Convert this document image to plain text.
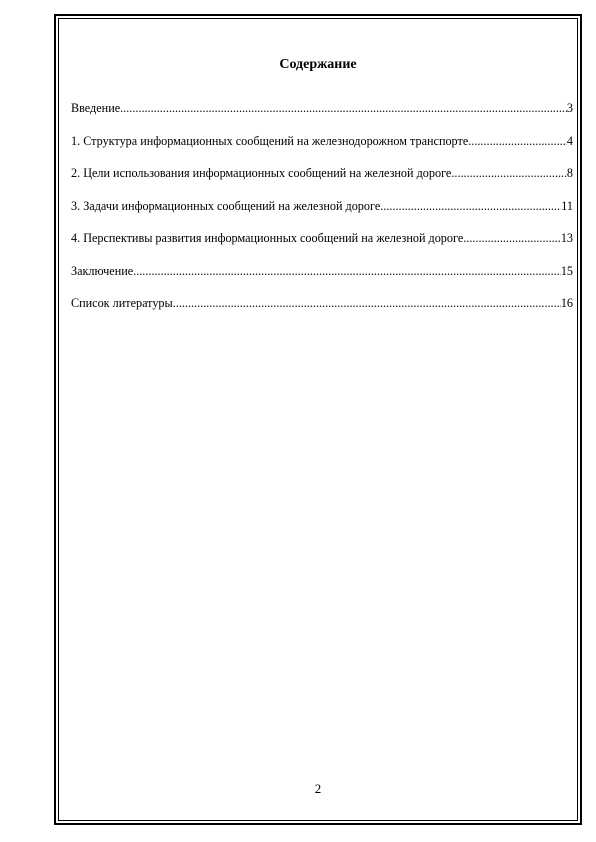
Содержание
Введение .....	3
1. Структура информационных сообщений на железнодорожном транспорте .....	4
2. Цели использования информационных сообщений на железной дороге .....	8
3. Задачи информационных сообщений на железной дороге .....	11
4. Перспективы развития информационных сообщений на железной дороге .....	13
Заключение .....	15
Список литературы .....	16
2
